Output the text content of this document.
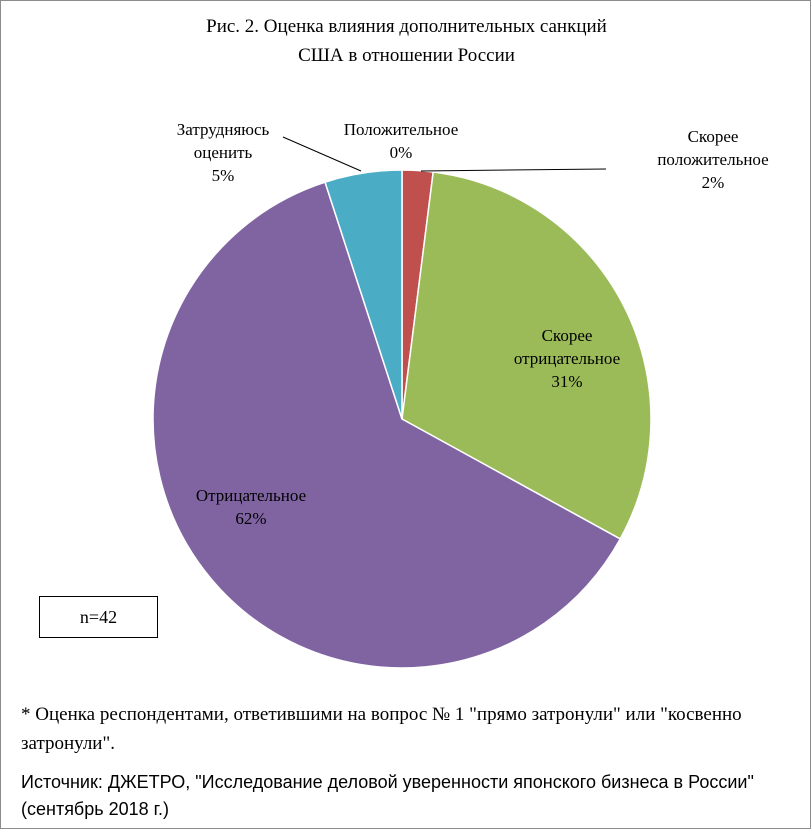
Рис. 2. Оценка влияния дополнительных санкций
США в отношении России
Положительное 0%
Скорее положительное 2%
Скорее отрицательное 31%
Отрицательное 62%
Затрудняюсь оценить 5%
n=42
* Оценка респондентами, ответившими на вопрос № 1 "прямо затронули" или "косвенно затронули".
Источник: ДЖЕТРО, "Исследование деловой уверенности японского бизнеса в России" (сентябрь 2018 г.)
